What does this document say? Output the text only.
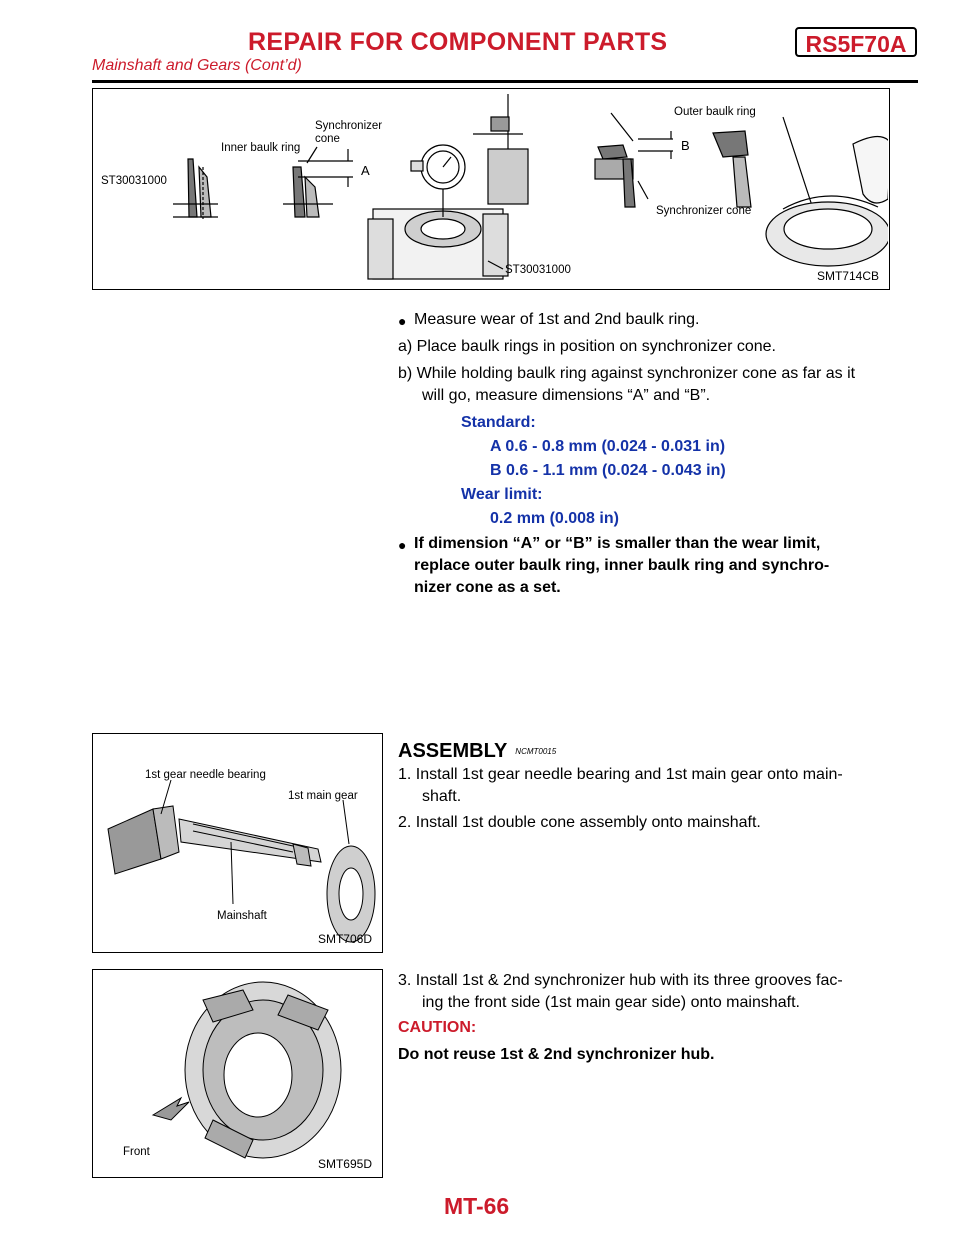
REPAIR FOR COMPONENT PARTS	RS5F70A
Mainshaft and Gears (Cont’d)
ST30031000
Inner baulk ring
Synchronizer
cone
A
ST30031000
Outer baulk ring
B
Synchronizer cone
SMT714CB
● Measure wear of 1st and 2nd baulk ring.
a) Place baulk rings in position on synchronizer cone.
b) While holding baulk ring against synchronizer cone as far as it
will go, measure dimensions “A” and “B”.
Standard:
A 0.6 - 0.8 mm (0.024 - 0.031 in)
B 0.6 - 1.1 mm (0.024 - 0.043 in)
Wear limit:
0.2 mm (0.008 in)
● If dimension “A” or “B” is smaller than the wear limit,
replace outer baulk ring, inner baulk ring and synchro-
nizer cone as a set.
1st gear needle bearing
1st main gear
Mainshaft
SMT706D
ASSEMBLY NCMT0015
1. Install 1st gear needle bearing and 1st main gear onto main-
shaft.
2. Install 1st double cone assembly onto mainshaft.
Front
SMT695D
3. Install 1st & 2nd synchronizer hub with its three grooves fac-
ing the front side (1st main gear side) onto mainshaft.
CAUTION:
Do not reuse 1st & 2nd synchronizer hub.
MT-66
